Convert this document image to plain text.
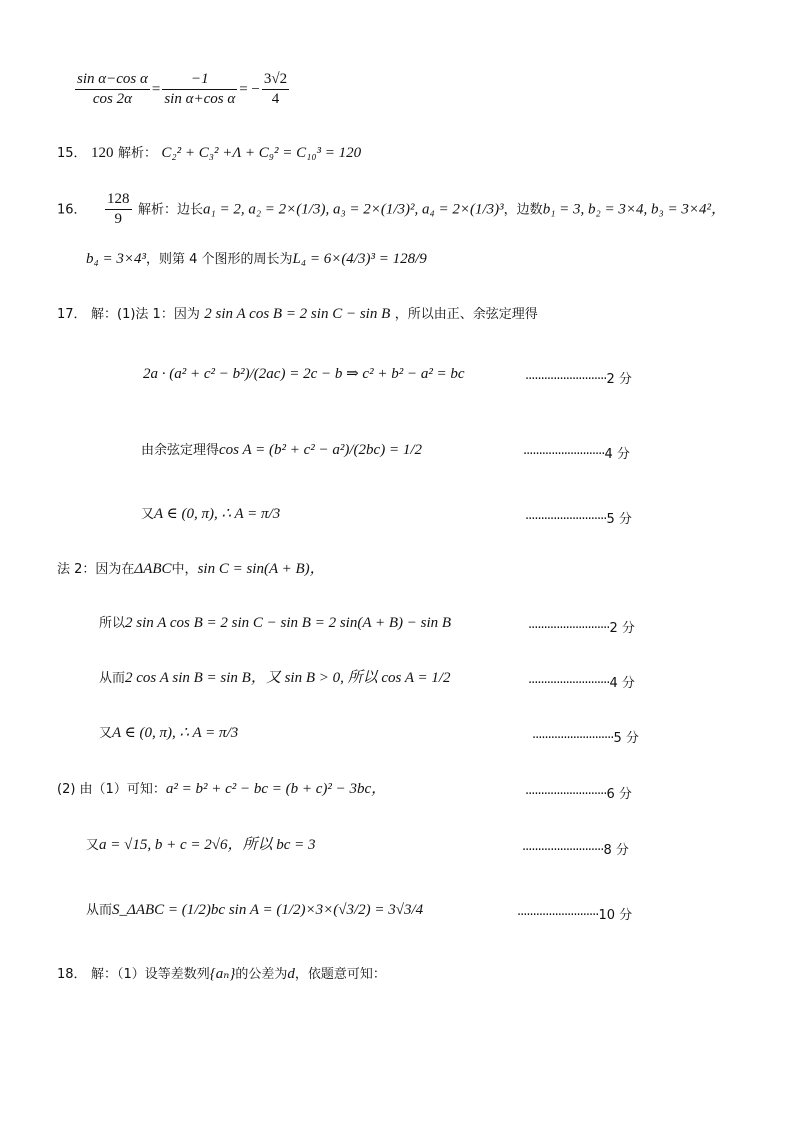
$\frac{\text{sin α−cos α}}{\cos 2\alpha} = \frac{-1}{\text{sin α+cos α}}$ = − $\frac{3√2}{4}$
15． 120 解析： C₂² + C₃² +Λ + C₉² = C₁₀³ = 120
16． $\frac{128}{9}$ 解析：边长a₁ = 2, a₂ = 2×(1/3), a₃ = 2×(1/3)², a₄ = 2×(1/3)³，边数b₁ = 3, b₂ = 3×4, b₃ = 3×4²，
b₄ = 3×4³，则第 4 个图形的周长为L₄ = 6×(4/3)³ = 128/9
17． 解：(1)法 1：因为 2 sin A cos B = 2 sin C − sin B ，所以由正、余弦定理得
2a · (a² + c² − b²)/(2ac) = 2c − b ⇒ c² + b² − a² = bc	··························2 分
由余弦定理得cos A = (b² + c² − a²)/(2bc) = 1/2	··························4 分
又A ∈ (0, π), ∴ A = π/3	··························5 分
法 2：因为在ΔABC中，sin C = sin(A + B)，
所以2 sin A cos B = 2 sin C − sin B = 2 sin(A + B) − sin B	··························2 分
从而2 cos A sin B = sin B，又 sin B > 0, 所以 cos A = 1/2	··························4 分
又A ∈ (0, π), ∴ A = π/3	··························5 分
(2) 由（1）可知：a² = b² + c² − bc = (b + c)² − 3bc，	··························6 分
又a = √15, b + c = 2√6，所以 bc = 3	··························8 分
从而S_ΔABC = (1/2)bc sin A = (1/2)×3×(√3/2) = 3√3/4	··························10 分
18． 解：（1）设等差数列{aₙ}的公差为d，依题意可知：
